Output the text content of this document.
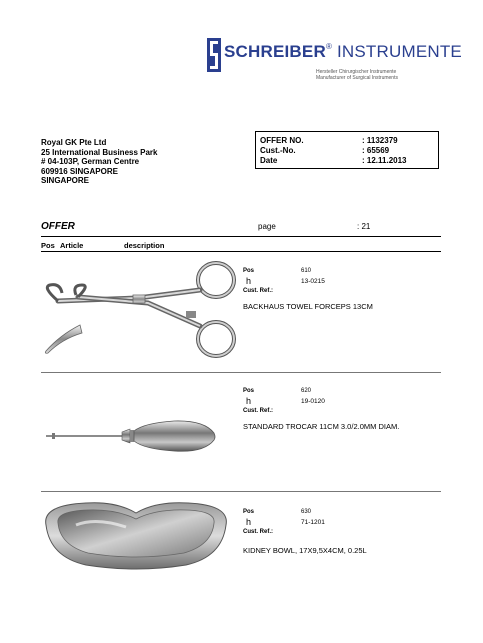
SCHREIBER® INSTRUMENTE
Hersteller Chirurgischer Instrumente
Manufacturer of Surgical Instruments
Royal GK Pte Ltd
25 International Business Park
# 04-103P, German Centre
609916 SINGAPORE
SINGAPORE
OFFER NO.	: 1132379
Cust.-No.	: 65569
Date	: 12.11.2013
OFFER	page	: 21
Pos Article	description
Pos	610
h	13-0215
Cust. Ref.:
BACKHAUS TOWEL FORCEPS 13CM
Pos	620
h	19-0120
Cust. Ref.:
STANDARD TROCAR 11CM 3.0/2.0MM DIAM.
Pos	630
h	71-1201
Cust. Ref.:
KIDNEY BOWL, 17X9,5X4CM, 0.25L
